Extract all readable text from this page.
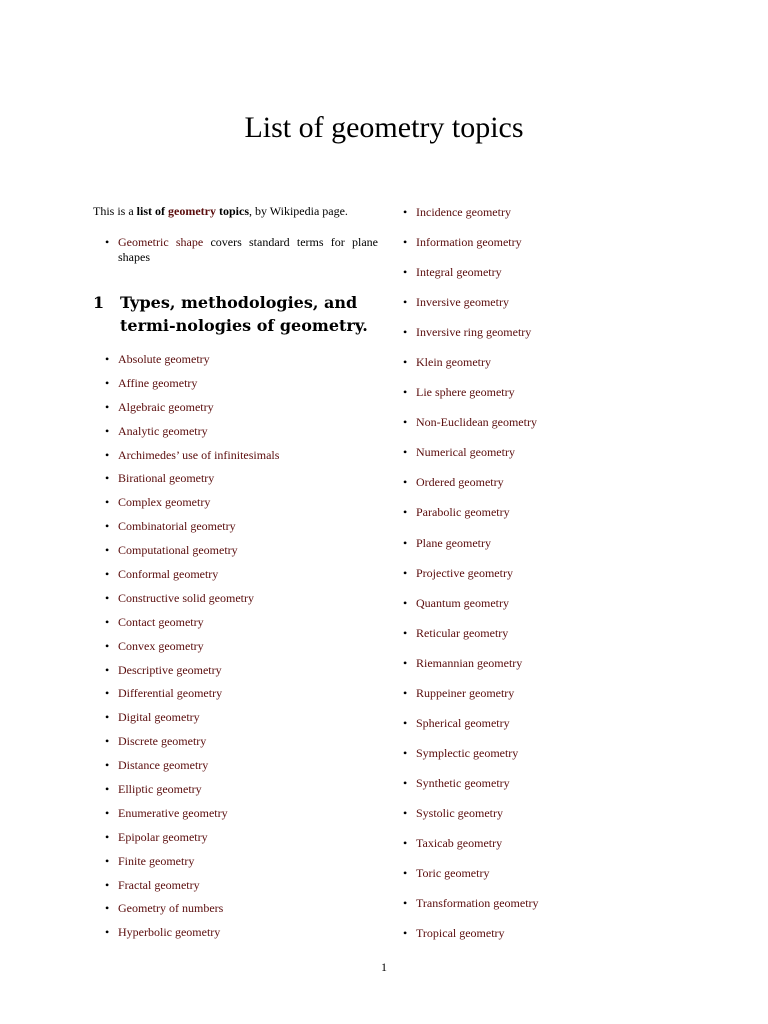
List of geometry topics

This is a list of geometry topics, by Wikipedia page.

• Geometric shape covers standard terms for plane shapes
1 Types, methodologies, and termi-nologies of geometry.
• Absolute geometry
• Affine geometry
• Algebraic geometry
• Analytic geometry
• Archimedes’ use of infinitesimals
• Birational geometry
• Complex geometry
• Combinatorial geometry
• Computational geometry
• Conformal geometry
• Constructive solid geometry
• Contact geometry
• Convex geometry
• Descriptive geometry
• Differential geometry
• Digital geometry
• Discrete geometry
• Distance geometry
• Elliptic geometry
• Enumerative geometry
• Epipolar geometry
• Finite geometry
• Fractal geometry
• Geometry of numbers
• Hyperbolic geometry
• Incidence geometry
• Information geometry
• Integral geometry
• Inversive geometry
• Inversive ring geometry
• Klein geometry
• Lie sphere geometry
• Non-Euclidean geometry
• Numerical geometry
• Ordered geometry
• Parabolic geometry
• Plane geometry
• Projective geometry
• Quantum geometry
• Reticular geometry
• Riemannian geometry
• Ruppeiner geometry
• Spherical geometry
• Symplectic geometry
• Synthetic geometry
• Systolic geometry
• Taxicab geometry
• Toric geometry
• Transformation geometry
• Tropical geometry

1
